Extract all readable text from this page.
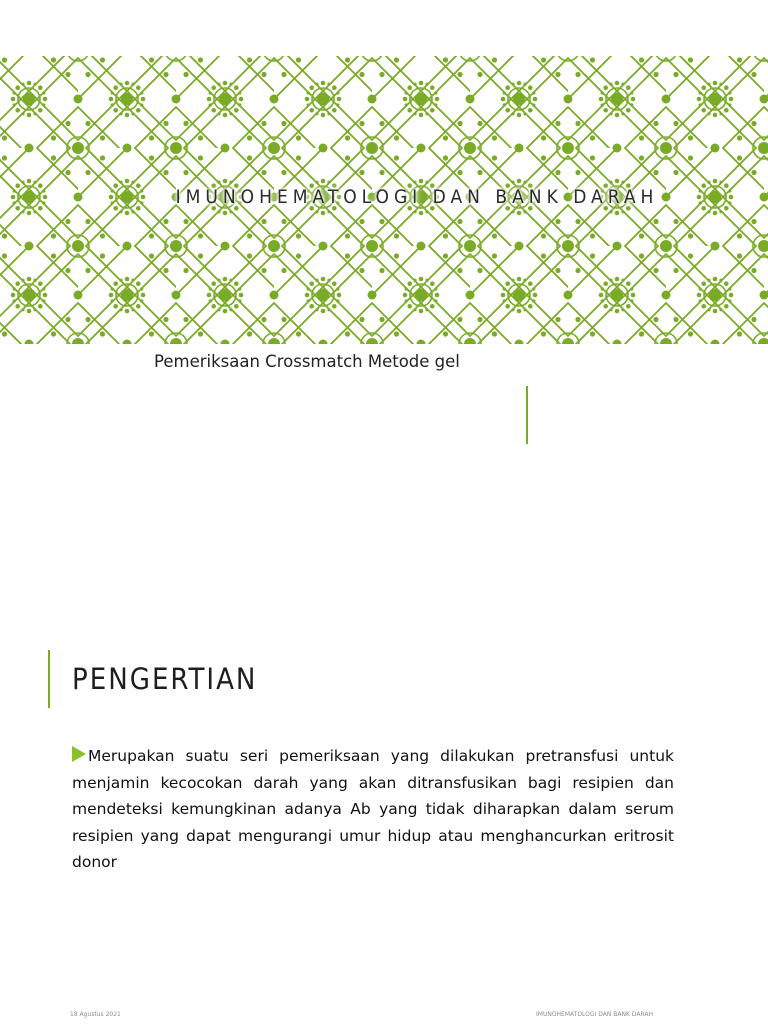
IMUNOHEMATOLOGI DAN BANK DARAH
Pemeriksaan Crossmatch Metode gel
PENGERTIAN

Merupakan suatu seri pemeriksaan yang dilakukan pretransfusi untuk menjamin kecocokan darah yang akan ditransfusikan bagi resipien dan mendeteksi kemungkinan adanya Ab yang tidak diharapkan dalam serum resipien yang dapat mengurangi umur hidup atau menghancurkan eritrosit donor

18 Agustus 2021	IMUNOHEMATOLOGI DAN BANK DARAH
